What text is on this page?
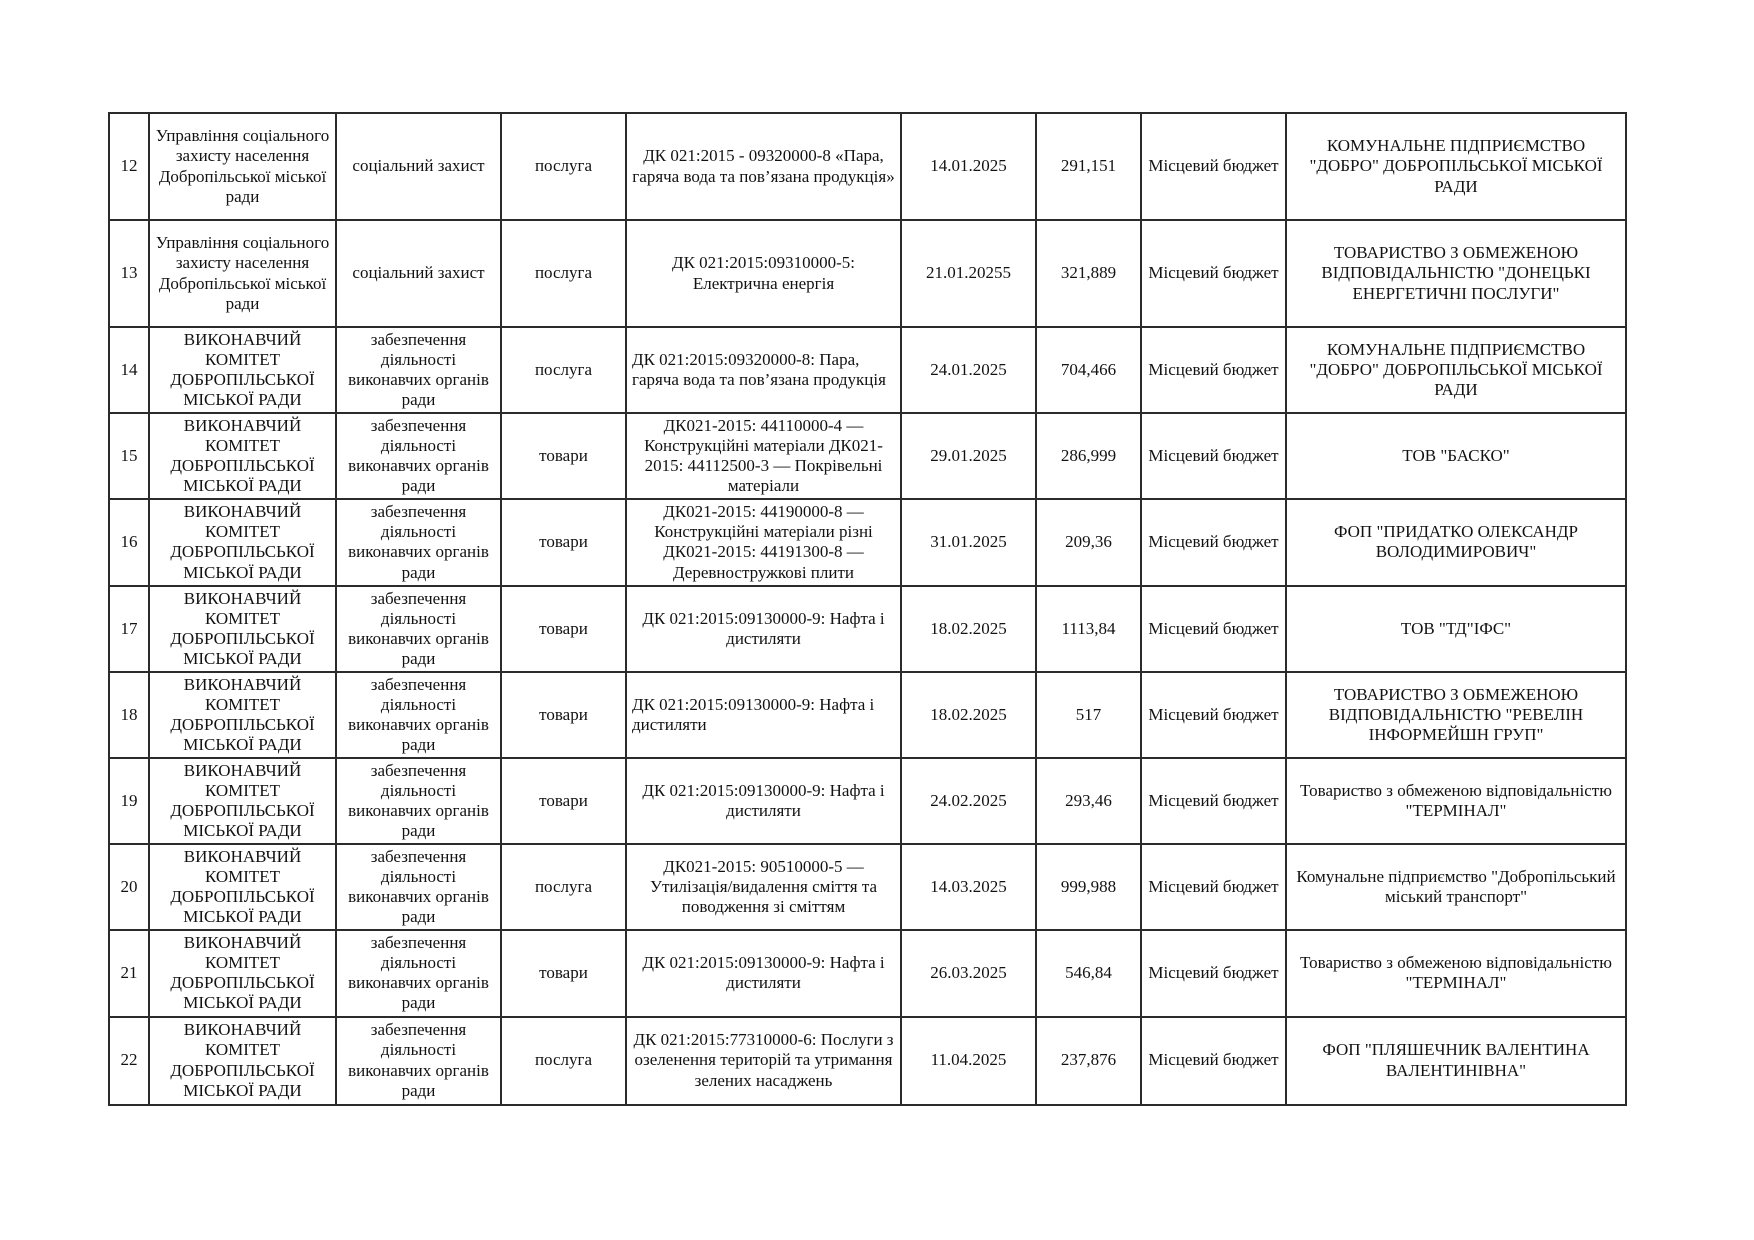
12	Управління соціального захисту населення Добропільської міської ради	соціальний захист	послуга	ДК 021:2015 - 09320000-8 «Пара, гаряча вода та пов’язана продукція»	14.01.2025	291,151	Місцевий бюджет	КОМУНАЛЬНЕ ПІДПРИЄМСТВО "ДОБРО" ДОБРОПІЛЬСЬКОЇ МІСЬКОЇ РАДИ
13	Управління соціального захисту населення Добропільської міської ради	соціальний захист	послуга	ДК 021:2015:09310000-5: Електрична енергія	21.01.20255	321,889	Місцевий бюджет	ТОВАРИСТВО З ОБМЕЖЕНОЮ ВІДПОВІДАЛЬНІСТЮ "ДОНЕЦЬКІ ЕНЕРГЕТИЧНІ ПОСЛУГИ"
14	ВИКОНАВЧИЙ КОМІТЕТ ДОБРОПІЛЬСЬКОЇ МІСЬКОЇ РАДИ	забезпечення діяльності виконавчих органів ради	послуга	ДК 021:2015:09320000-8: Пара, гаряча вода та пов’язана продукція	24.01.2025	704,466	Місцевий бюджет	КОМУНАЛЬНЕ ПІДПРИЄМСТВО "ДОБРО" ДОБРОПІЛЬСЬКОЇ МІСЬКОЇ РАДИ
15	ВИКОНАВЧИЙ КОМІТЕТ ДОБРОПІЛЬСЬКОЇ МІСЬКОЇ РАДИ	забезпечення діяльності виконавчих органів ради	товари	ДК021-2015: 44110000-4 — Конструкційні матеріали ДК021-2015: 44112500-3 — Покрівельні матеріали	29.01.2025	286,999	Місцевий бюджет	ТОВ "БАСКО"
16	ВИКОНАВЧИЙ КОМІТЕТ ДОБРОПІЛЬСЬКОЇ МІСЬКОЇ РАДИ	забезпечення діяльності виконавчих органів ради	товари	ДК021-2015: 44190000-8 — Конструкційні матеріали різні ДК021-2015: 44191300-8 — Деревностружкові плити	31.01.2025	209,36	Місцевий бюджет	ФОП "ПРИДАТКО ОЛЕКСАНДР ВОЛОДИМИРОВИЧ"
17	ВИКОНАВЧИЙ КОМІТЕТ ДОБРОПІЛЬСЬКОЇ МІСЬКОЇ РАДИ	забезпечення діяльності виконавчих органів ради	товари	ДК 021:2015:09130000-9: Нафта і дистиляти	18.02.2025	1113,84	Місцевий бюджет	ТОВ "ТД"ІФС"
18	ВИКОНАВЧИЙ КОМІТЕТ ДОБРОПІЛЬСЬКОЇ МІСЬКОЇ РАДИ	забезпечення діяльності виконавчих органів ради	товари	ДК 021:2015:09130000-9: Нафта і дистиляти	18.02.2025	517	Місцевий бюджет	ТОВАРИСТВО З ОБМЕЖЕНОЮ ВІДПОВІДАЛЬНІСТЮ "РЕВЕЛІН ІНФОРМЕЙШН ГРУП"
19	ВИКОНАВЧИЙ КОМІТЕТ ДОБРОПІЛЬСЬКОЇ МІСЬКОЇ РАДИ	забезпечення діяльності виконавчих органів ради	товари	ДК 021:2015:09130000-9: Нафта і дистиляти	24.02.2025	293,46	Місцевий бюджет	Товариство з обмеженою відповідальністю "ТЕРМІНАЛ"
20	ВИКОНАВЧИЙ КОМІТЕТ ДОБРОПІЛЬСЬКОЇ МІСЬКОЇ РАДИ	забезпечення діяльності виконавчих органів ради	послуга	ДК021-2015: 90510000-5 — Утилізація/видалення сміття та поводження зі сміттям	14.03.2025	999,988	Місцевий бюджет	Комунальне підприємство "Добропільський міський транспорт"
21	ВИКОНАВЧИЙ КОМІТЕТ ДОБРОПІЛЬСЬКОЇ МІСЬКОЇ РАДИ	забезпечення діяльності виконавчих органів ради	товари	ДК 021:2015:09130000-9: Нафта і дистиляти	26.03.2025	546,84	Місцевий бюджет	Товариство з обмеженою відповідальністю "ТЕРМІНАЛ"
22	ВИКОНАВЧИЙ КОМІТЕТ ДОБРОПІЛЬСЬКОЇ МІСЬКОЇ РАДИ	забезпечення діяльності виконавчих органів ради	послуга	ДК 021:2015:77310000-6: Послуги з озеленення територій та утримання зелених насаджень	11.04.2025	237,876	Місцевий бюджет	ФОП "ПЛЯШЕЧНИК ВАЛЕНТИНА ВАЛЕНТИНІВНА"
